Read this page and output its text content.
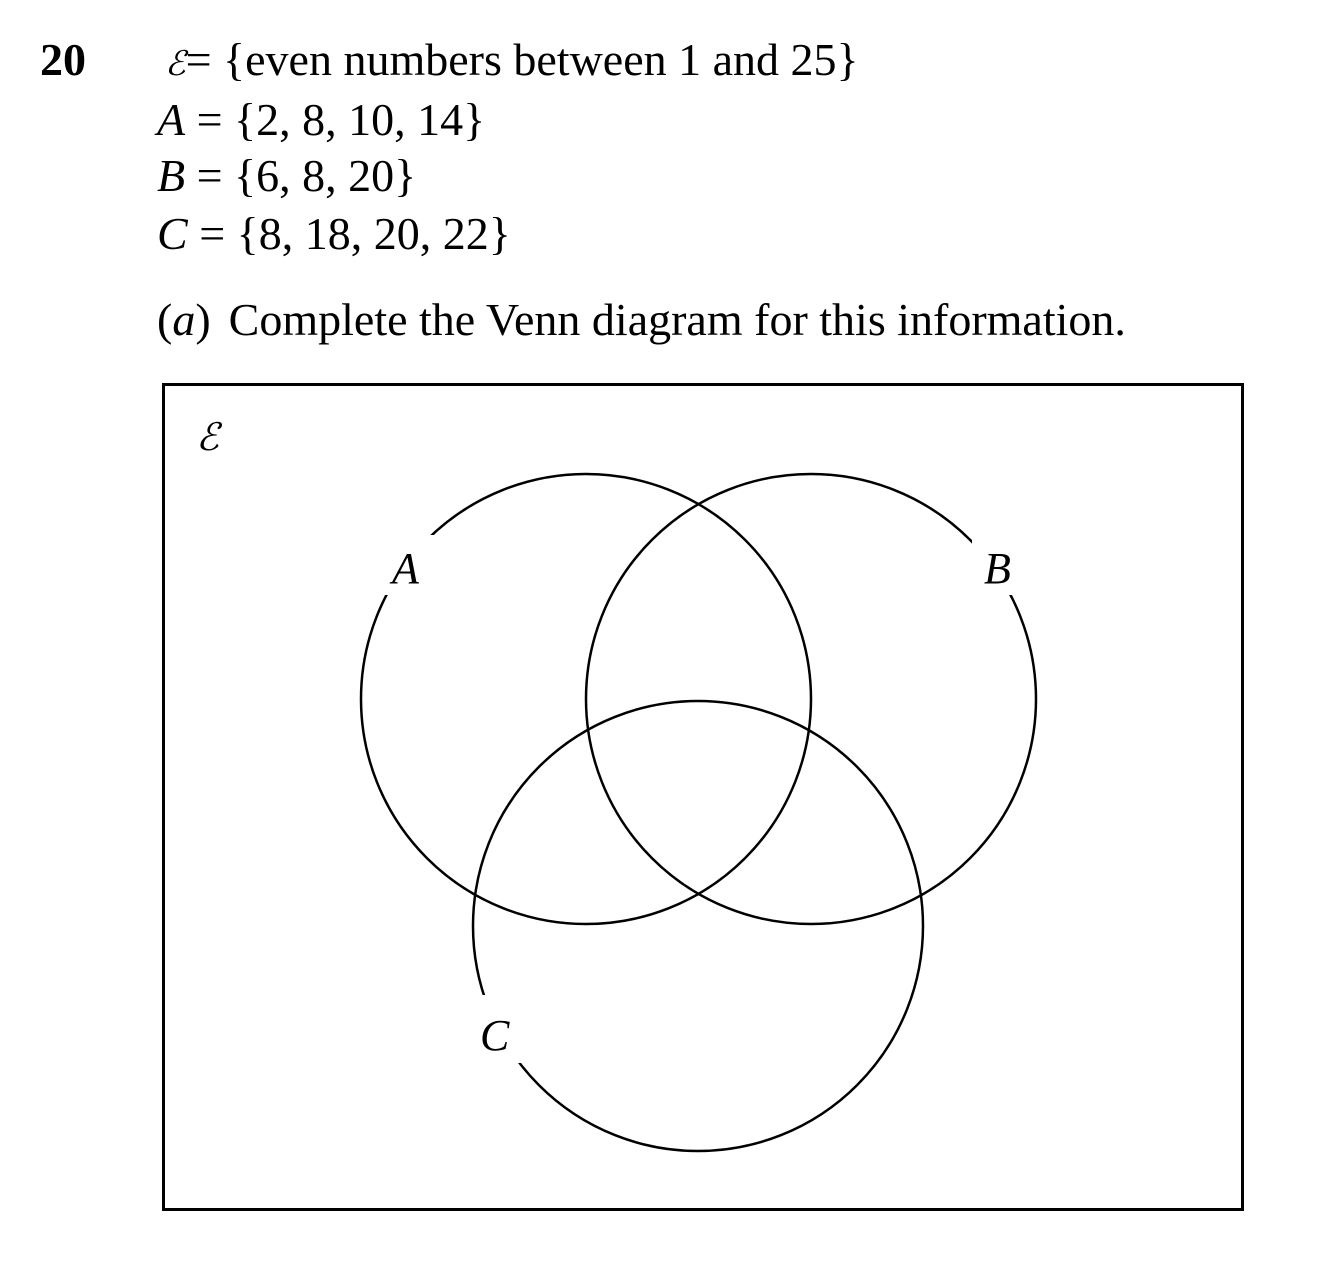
20 ℰ= {even numbers between 1 and 25}
A = {2, 8, 10, 14}
B = {6, 8, 20}
C = {8, 18, 20, 22}
(a) Complete the Venn diagram for this information.
ℰ
A	B
C
